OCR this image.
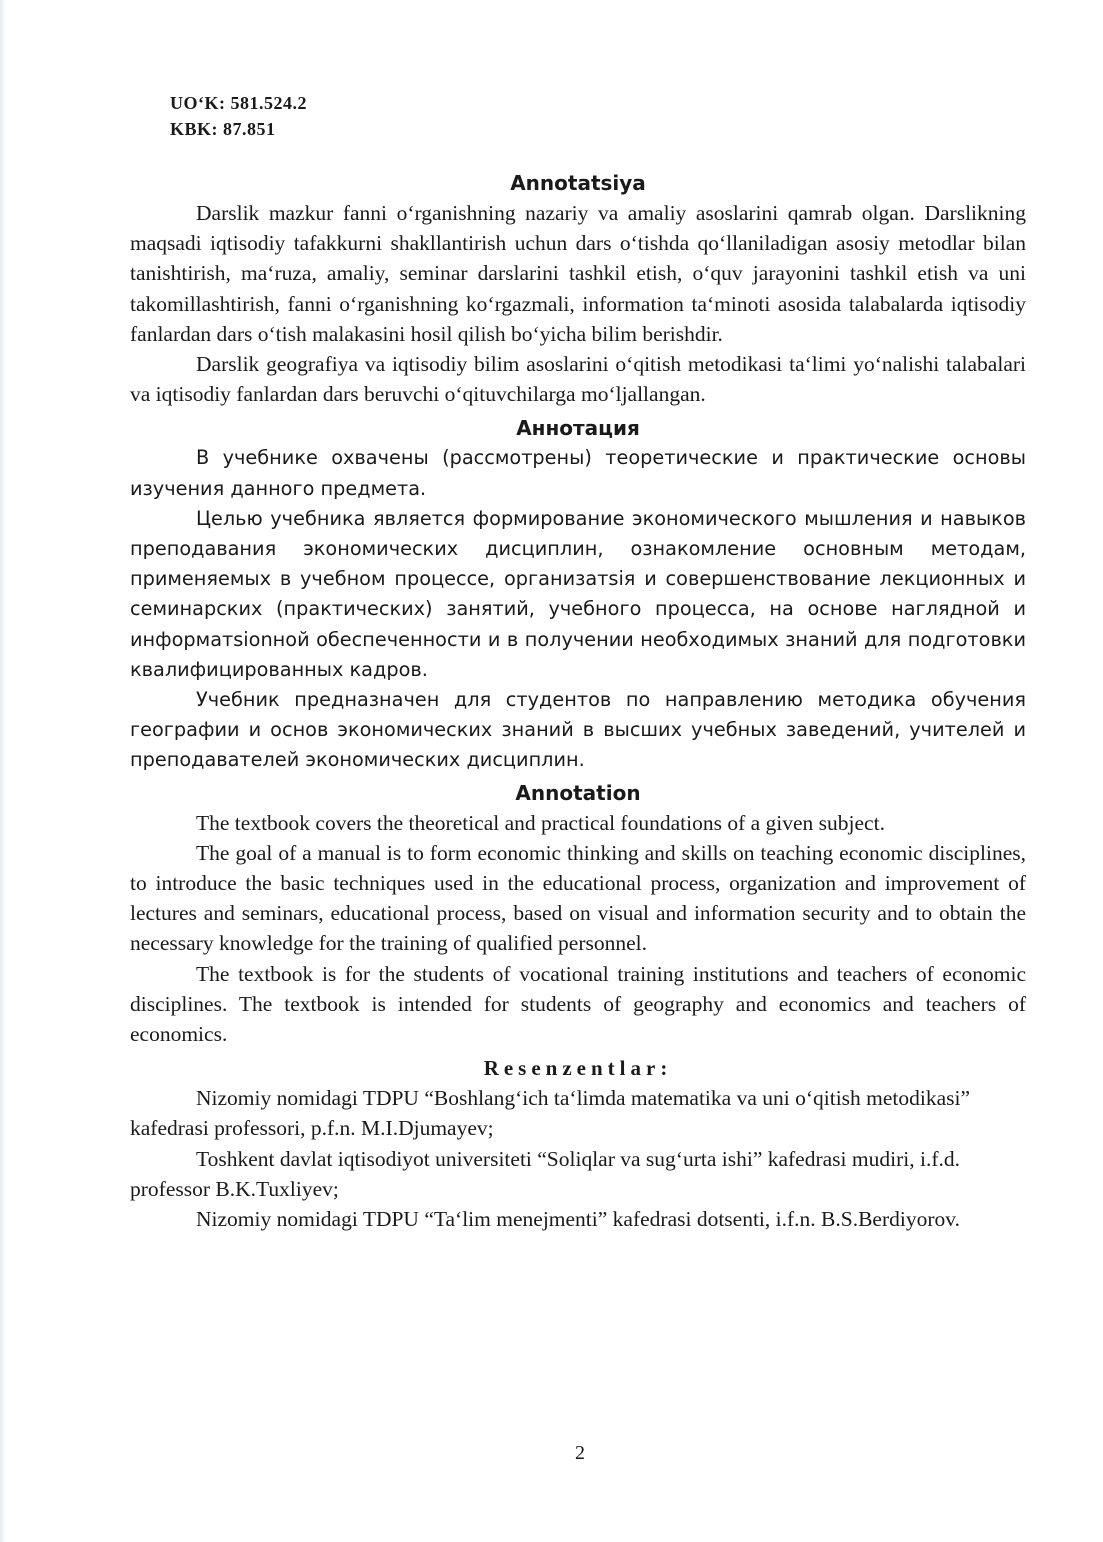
UO‘K: 581.524.2
KBK: 87.851
Annotatsiya

Darslik mazkur fanni o‘rganishning nazariy va amaliy asoslarini qamrab olgan. Darslikning maqsadi iqtisodiy tafakkurni shakllantirish uchun dars o‘tishda qo‘llaniladigan asosiy metodlar bilan tanishtirish, ma‘ruza, amaliy, seminar darslarini tashkil etish, o‘quv jarayonini tashkil etish va uni takomillashtirish, fanni o‘rganishning ko‘rgazmali, information ta‘minoti asosida talabalarda iqtisodiy fanlardan dars o‘tish malakasini hosil qilish bo‘yicha bilim berishdir.

Darslik geografiya va iqtisodiy bilim asoslarini o‘qitish metodikasi ta‘limi yo‘nalishi talabalari va iqtisodiy fanlardan dars beruvchi o‘qituvchilarga mo‘ljallangan.

Аннотация

В учебнике охвачены (рассмотрены) теоретические и практические основы изучения данного предмета.

Целью учебника является формирование экономического мышления и навыков преподавания экономических дисциплин, ознакомление основным методам, применяемых в учебном процессе, организатsiя и совершенствование лекционных и семинарских (практических) занятий, учебного процесса, на основе наглядной и информатsionной обеспеченности и в получении необходимых знаний для подготовки квалифицированных кадров.

Учебник предназначен для студентов по направлению методика обучения географии и основ экономических знаний в высших учебных заведений, учителей и преподавателей экономических дисциплин.

Annotation

The textbook covers the theoretical and practical foundations of a given subject.

The goal of a manual is to form economic thinking and skills on teaching economic disciplines, to introduce the basic techniques used in the educational process, organization and improvement of lectures and seminars, educational process, based on visual and information security and to obtain the necessary knowledge for the training of qualified personnel.

The textbook is for the students of vocational training institutions and teachers of economic disciplines. The textbook is intended for students of geography and economics and teachers of economics.

Resenzentlar:

Nizomiy nomidagi TDPU “Boshlang‘ich ta‘limda matematika va uni o‘qitish metodikasi” kafedrasi professori, p.f.n. M.I.Djumayev;

Toshkent davlat iqtisodiyot universiteti “Soliqlar va sug‘urta ishi” kafedrasi mudiri, i.f.d. professor B.K.Tuxliyev;

Nizomiy nomidagi TDPU “Ta‘lim menejmenti” kafedrasi dotsenti, i.f.n. B.S.Berdiyorov.

2
